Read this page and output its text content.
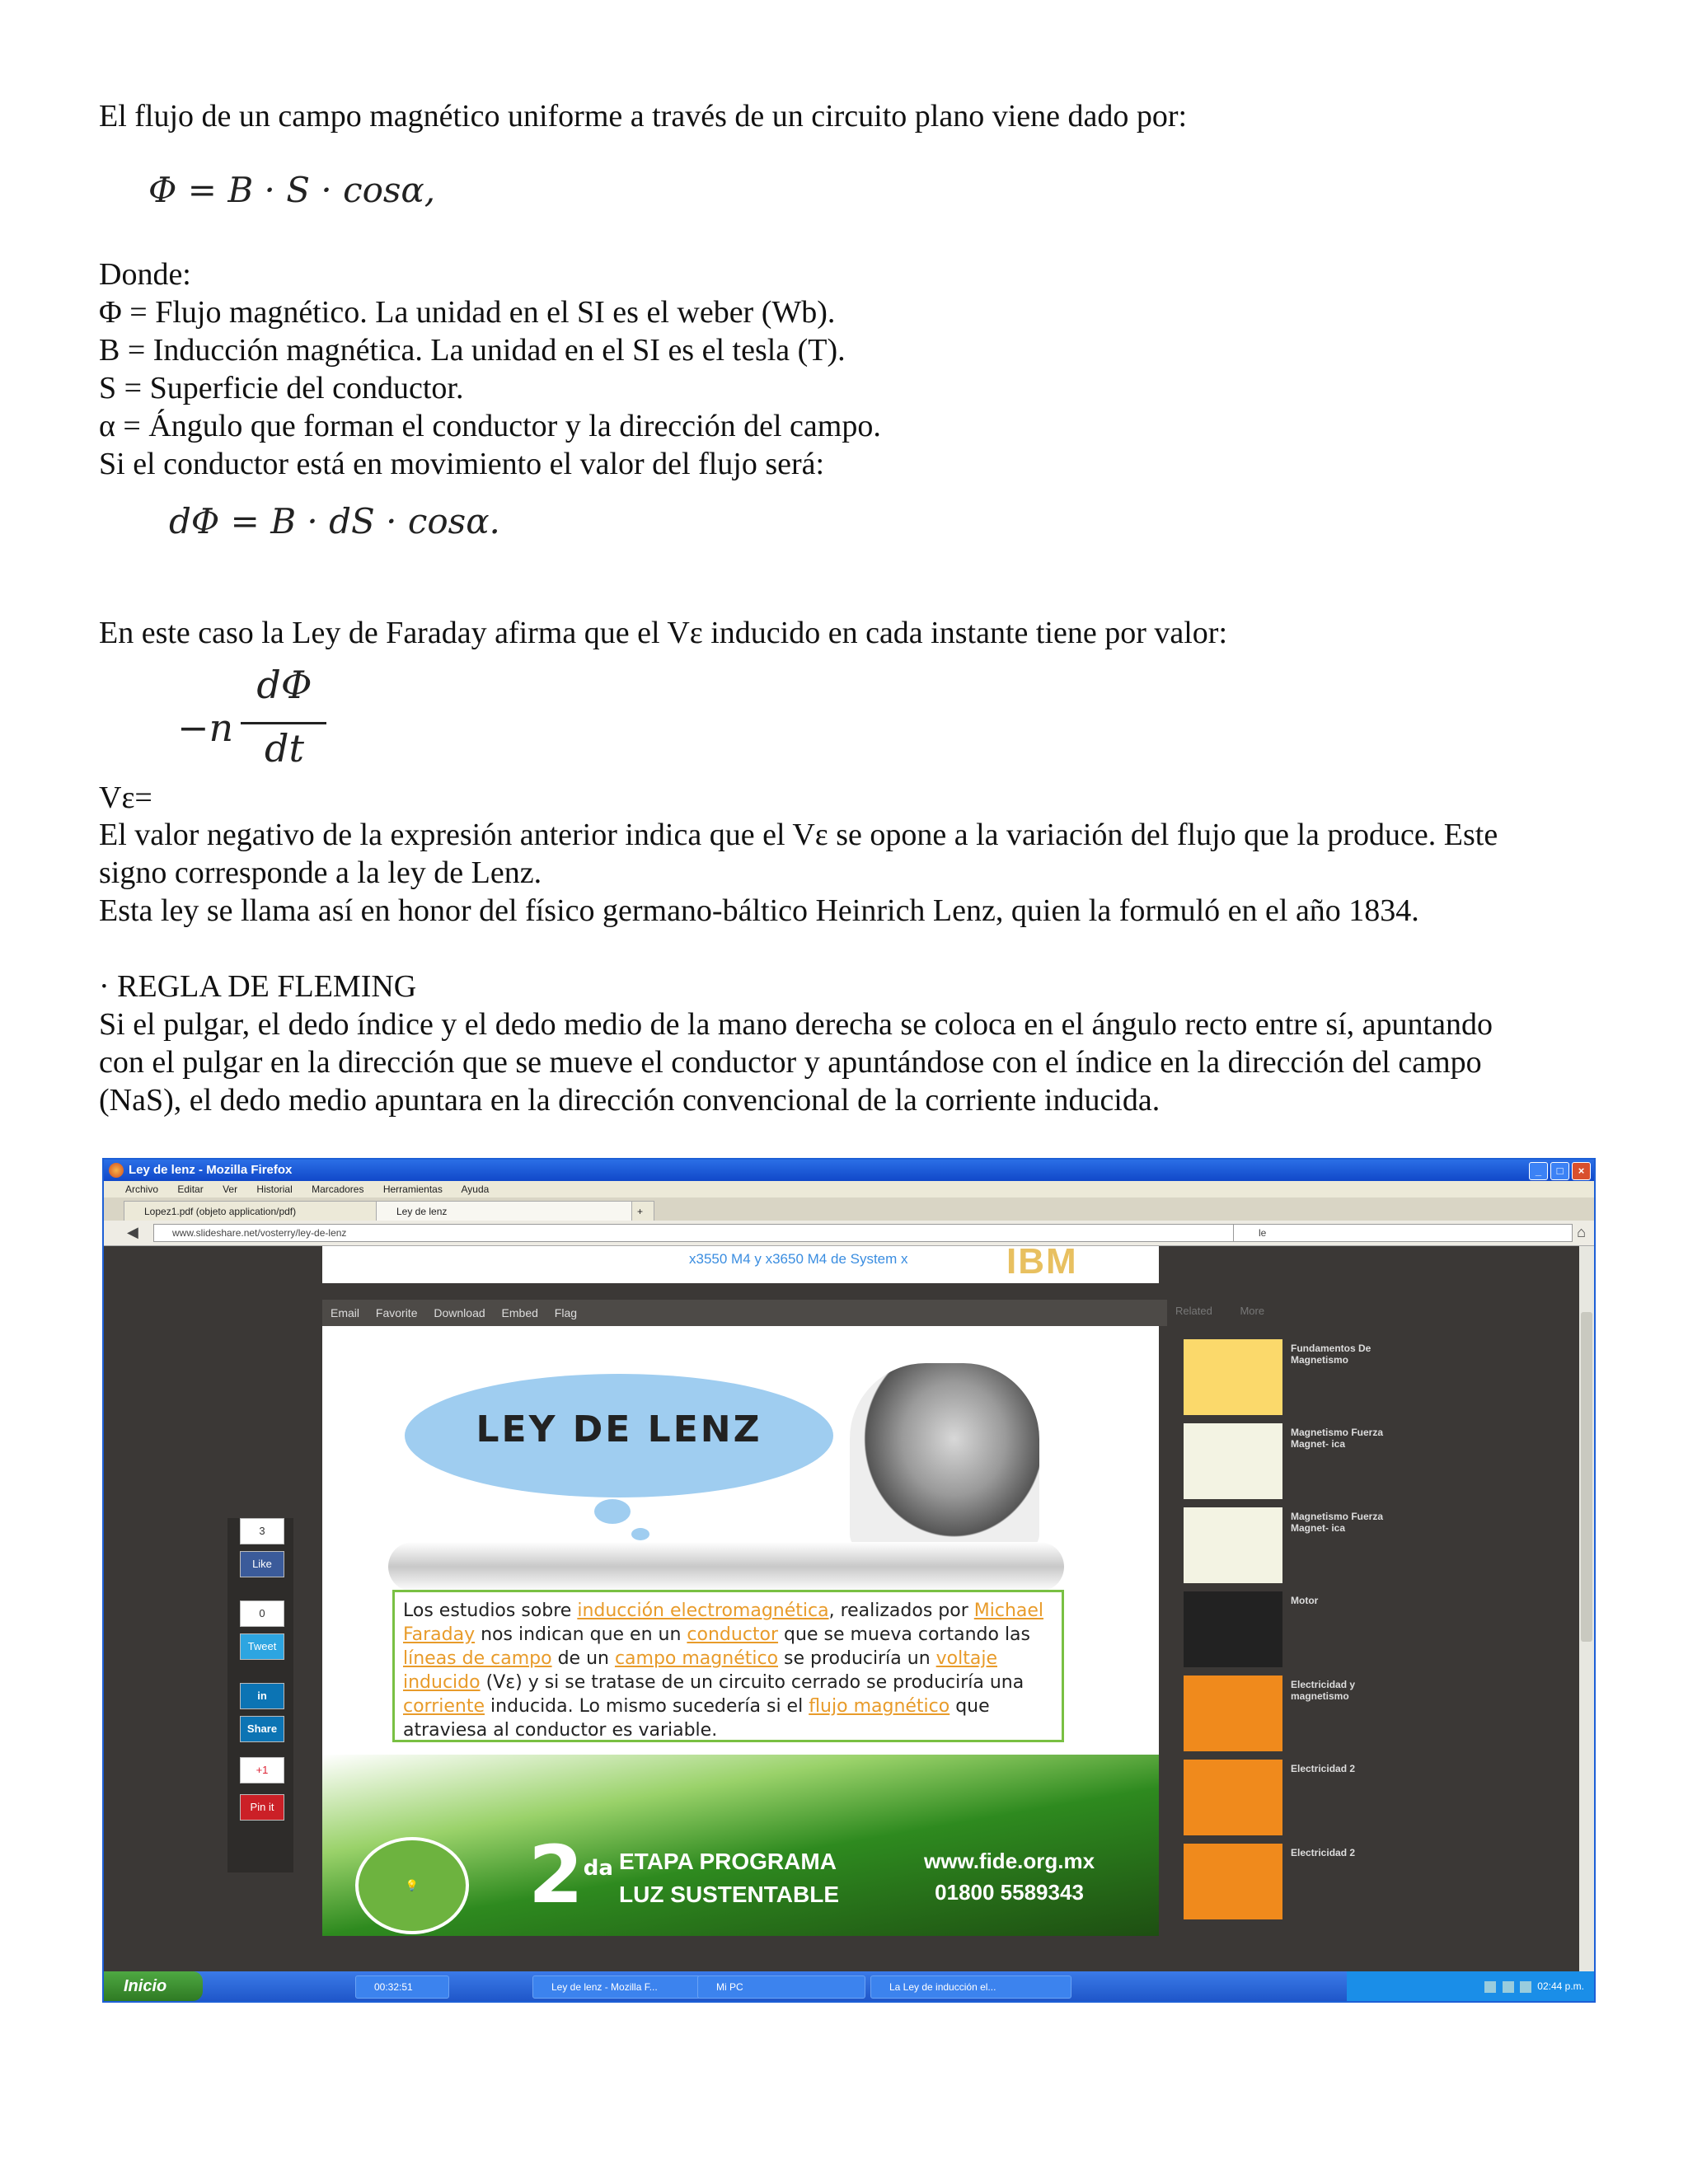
El flujo de un campo magnético uniforme a través de un circuito plano viene dado por:
Φ = B · S · cosα,
Donde:
Φ = Flujo magnético. La unidad en el SI es el weber (Wb).
B = Inducción magnética. La unidad en el SI es el tesla (T).
S = Superficie del conductor.
α = Ángulo que forman el conductor y la dirección del campo.
Si el conductor está en movimiento el valor del flujo será:
dΦ = B · dS · cosα.
En este caso la Ley de Faraday afirma que el Vε inducido en cada instante tiene por valor:
−n
dΦ
dt
Vε=
El valor negativo de la expresión anterior indica que el Vε se opone a la variación del flujo que la produce. Este
signo corresponde a la ley de Lenz.
Esta ley se llama así en honor del físico germano-báltico Heinrich Lenz, quien la formuló en el año 1834.
· REGLA DE FLEMING
Si el pulgar, el dedo índice y el dedo medio de la mano derecha se coloca en el ángulo recto entre sí, apuntando
con el pulgar en la dirección que se mueve el conductor y apuntándose con el índice en la dirección del campo
(NaS), el dedo medio apuntara en la dirección convencional de la corriente inducida.
Ley de lenz - Mozilla Firefox	_	□	×
Archivo Editar Ver Historial Marcadores Herramientas Ayuda
Lopez1.pdf (objeto application/pdf)	Ley de lenz	+
◀	www.slideshare.net/vosterry/ley-de-lenz	le	⌂
x3550 M4 y x3650 M4 de System x	IBM
Email Favorite Download Embed Flag
3
Like
0
Tweet
in
Share
+1
Pin it
LEY DE LENZ
Los estudios sobre inducción electromagnética, realizados por Michael Faraday nos indican que en un conductor que se mueva cortando las líneas de campo de un campo magnético se produciría un voltaje inducido (Vε) y si se tratase de un circuito cerrado se produciría una corriente inducida. Lo mismo sucedería si el flujo magnético que atraviesa al conductor es variable.
💡	$2^{da}$ ETAPA PROGRAMA
LUZ SUSTENTABLE
www.fide.org.mx
01800 5589343
Related	More
Fundamentos De Magnetismo
Magnetismo Fuerza Magnet- ica
Magnetismo Fuerza Magnet- ica
Motor
Electricidad y magnetismo
Electricidad 2
Electricidad 2
Inicio	00:32:51	Ley de lenz - Mozilla F...	Mi PC	La Ley de inducción el...	02:44 p.m.
